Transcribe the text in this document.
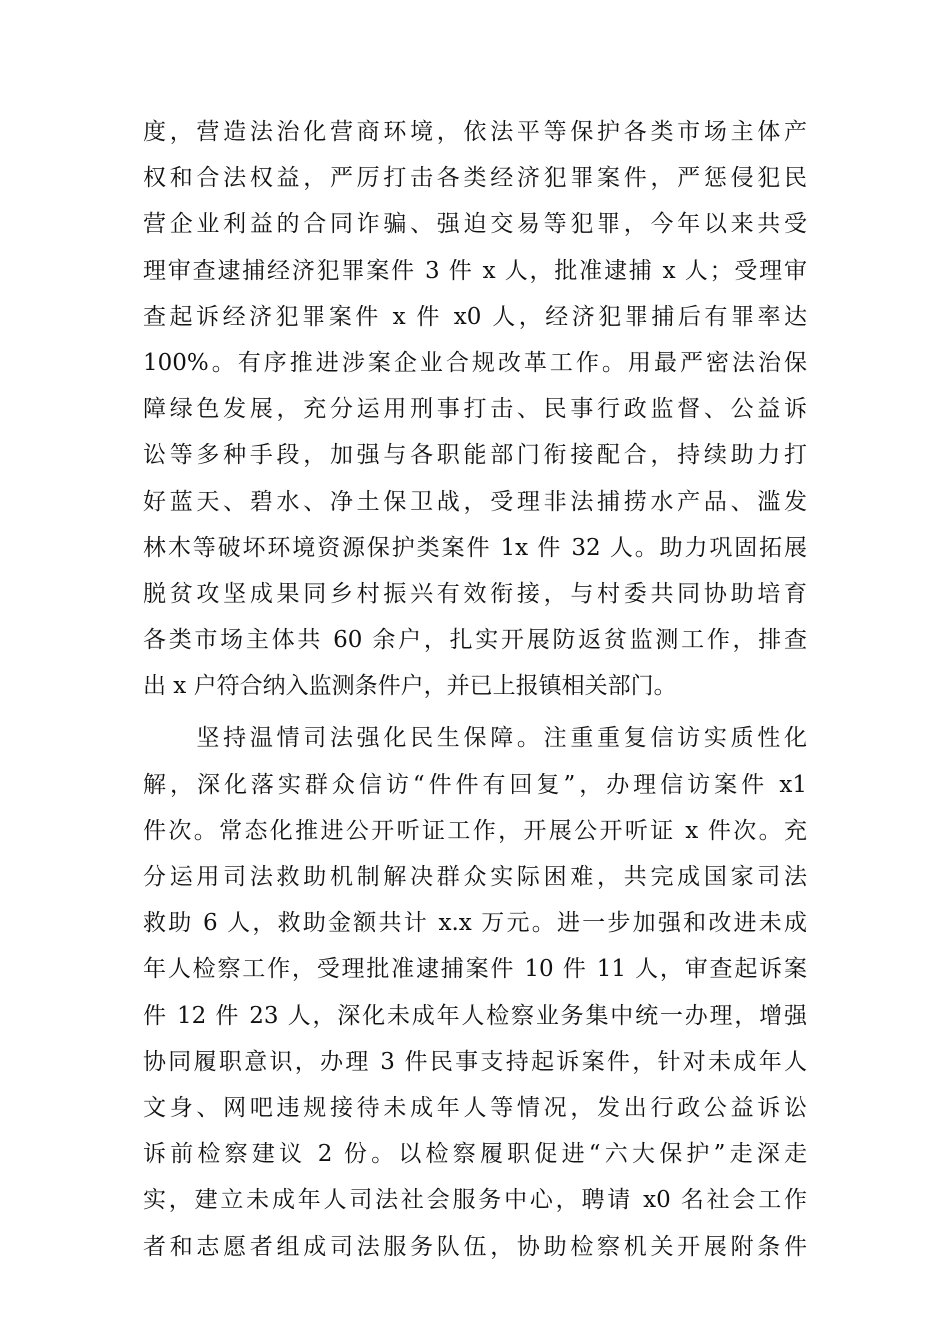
度，营造法治化营商环境，依法平等保护各类市场主体产
权和合法权益，严厉打击各类经济犯罪案件，严惩侵犯民
营企业利益的合同诈骗、强迫交易等犯罪，今年以来共受
理审查逮捕经济犯罪案件 3 件 x 人，批准逮捕 x 人；受理审
查起诉经济犯罪案件 x 件 x0 人，经济犯罪捕后有罪率达
100%。有序推进涉案企业合规改革工作。用最严密法治保
障绿色发展，充分运用刑事打击、民事行政监督、公益诉
讼等多种手段，加强与各职能部门衔接配合，持续助力打
好蓝天、碧水、净土保卫战，受理非法捕捞水产品、滥发
林木等破坏环境资源保护类案件 1x 件 32 人。助力巩固拓展
脱贫攻坚成果同乡村振兴有效衔接，与村委共同协助培育
各类市场主体共 60 余户，扎实开展防返贫监测工作，排查
出 x 户符合纳入监测条件户，并已上报镇相关部门。
　　坚持温情司法强化民生保障。注重重复信访实质性化
解，深化落实群众信访“件件有回复”，办理信访案件 x1
件次。常态化推进公开听证工作，开展公开听证 x 件次。充
分运用司法救助机制解决群众实际困难，共完成国家司法
救助 6 人，救助金额共计 x.x 万元。进一步加强和改进未成
年人检察工作，受理批准逮捕案件 10 件 11 人，审查起诉案
件 12 件 23 人，深化未成年人检察业务集中统一办理，增强
协同履职意识，办理 3 件民事支持起诉案件，针对未成年人
文身、网吧违规接待未成年人等情况，发出行政公益诉讼
诉前检察建议 2 份。以检察履职促进“六大保护”走深走
实，建立未成年人司法社会服务中心，聘请 x0 名社会工作
者和志愿者组成司法服务队伍，协助检察机关开展附条件
